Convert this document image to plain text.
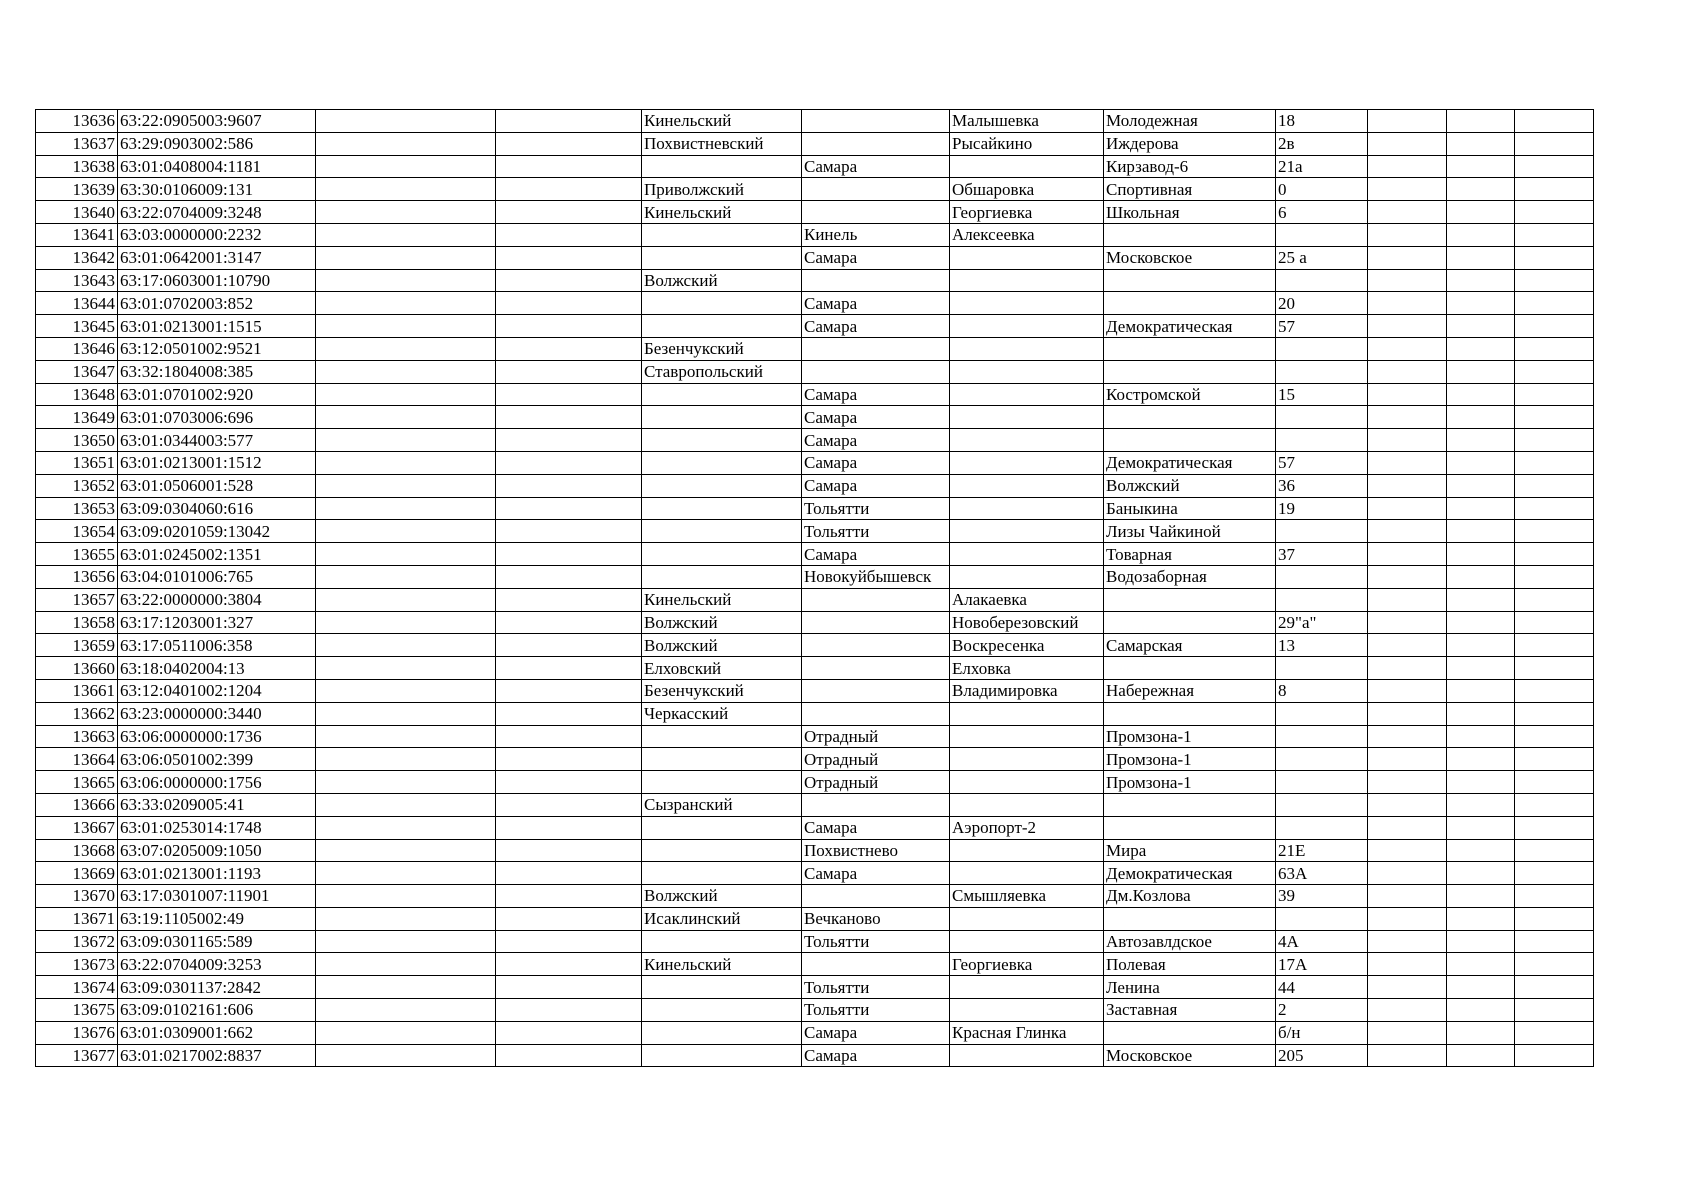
13636	63:22:0905003:9607			Кинельский		Малышевка	Молодежная	18			
13637	63:29:0903002:586			Похвистневский		Рысайкино	Иждерова	2в			
13638	63:01:0408004:1181				Самара		Кирзавод-6	21а			
13639	63:30:0106009:131			Приволжский		Обшаровка	Спортивная	0			
13640	63:22:0704009:3248			Кинельский		Георгиевка	Школьная	6			
13641	63:03:0000000:2232				Кинель	Алексеевка					
13642	63:01:0642001:3147				Самара		Московское	25 а			
13643	63:17:0603001:10790			Волжский							
13644	63:01:0702003:852				Самара			20			
13645	63:01:0213001:1515				Самара		Демократическая	57			
13646	63:12:0501002:9521			Безенчукский							
13647	63:32:1804008:385			Ставропольский							
13648	63:01:0701002:920				Самара		Костромской	15			
13649	63:01:0703006:696				Самара						
13650	63:01:0344003:577				Самара						
13651	63:01:0213001:1512				Самара		Демократическая	57			
13652	63:01:0506001:528				Самара		Волжский	36			
13653	63:09:0304060:616				Тольятти		Баныкина	19			
13654	63:09:0201059:13042				Тольятти		Лизы Чайкиной				
13655	63:01:0245002:1351				Самара		Товарная	37			
13656	63:04:0101006:765				Новокуйбышевск		Водозаборная				
13657	63:22:0000000:3804			Кинельский		Алакаевка					
13658	63:17:1203001:327			Волжский		Новоберезовский		29"а"			
13659	63:17:0511006:358			Волжский		Воскресенка	Самарская	13			
13660	63:18:0402004:13			Елховский		Елховка					
13661	63:12:0401002:1204			Безенчукский		Владимировка	Набережная	8			
13662	63:23:0000000:3440			Черкасский							
13663	63:06:0000000:1736				Отрадный		Промзона-1				
13664	63:06:0501002:399				Отрадный		Промзона-1				
13665	63:06:0000000:1756				Отрадный		Промзона-1				
13666	63:33:0209005:41			Сызранский							
13667	63:01:0253014:1748				Самара	Аэропорт-2					
13668	63:07:0205009:1050				Похвистнево		Мира	21Е			
13669	63:01:0213001:1193				Самара		Демократическая	63А			
13670	63:17:0301007:11901			Волжский		Смышляевка	Дм.Козлова	39			
13671	63:19:1105002:49			Исаклинский	Вечканово						
13672	63:09:0301165:589				Тольятти		Автозавлдское	4А			
13673	63:22:0704009:3253			Кинельский		Георгиевка	Полевая	17А			
13674	63:09:0301137:2842				Тольятти		Ленина	44			
13675	63:09:0102161:606				Тольятти		Заставная	2			
13676	63:01:0309001:662				Самара	Красная Глинка		б/н			
13677	63:01:0217002:8837				Самара		Московское	205			
